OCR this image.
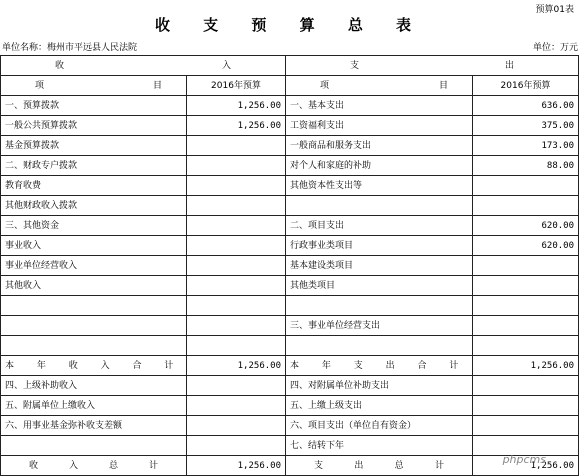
预算01表
收 支 预 算 总 表
单位名称：梅州市平远县人民法院	单位：万元
收 入		支 出	

项 目	2016年预算	项 目	2016年预算
一、预算拨款	1,256.00	一、基本支出	636.00
一般公共预算拨款	1,256.00	工资福利支出	375.00
基金预算拨款		一般商品和服务支出	173.00
二、财政专户拨款		对个人和家庭的补助	88.00
教育收费		其他资本性支出等	
其他财政收入拨款			
三、其他资金		二、项目支出	620.00
事业收入		行政事业类项目	620.00
事业单位经营收入		基本建设类项目	
其他收入		其他类项目	

		三、事业单位经营支出	

本 年 收 入 合 计	1,256.00	本 年 支 出 合 计	1,256.00
四、上级补助收入		四、对附属单位补助支出	
五、附属单位上缴收入		五、上缴上级支出	
六、用事业基金弥补收支差额		六、项目支出（单位自有资金）	
		七、结转下年	

收 入 总 计	1,256.00	支 出 总 计	1,256.00
phpcms
